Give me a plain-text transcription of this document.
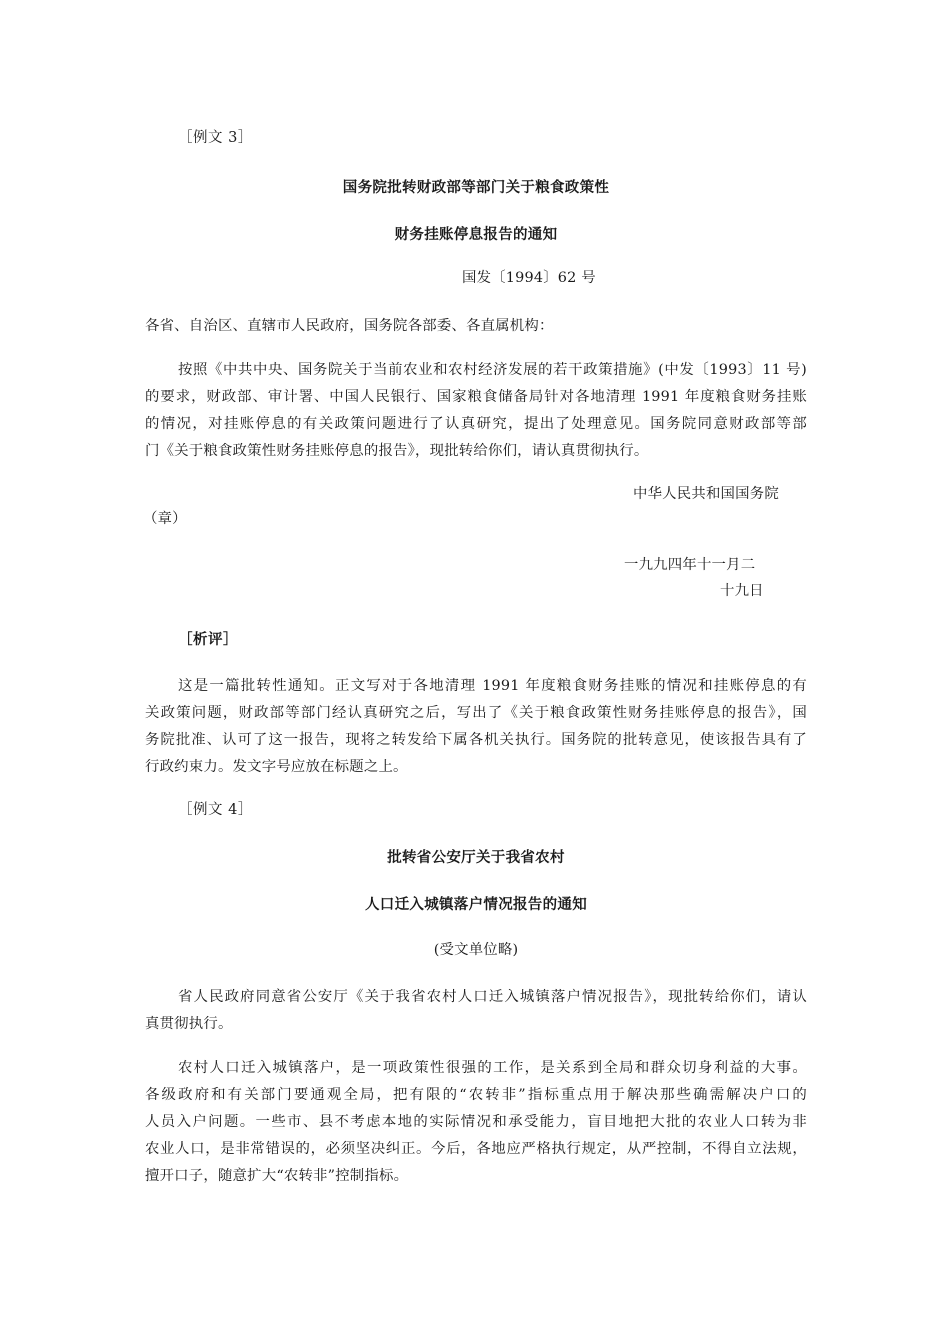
［例文 3］
国务院批转财政部等部门关于粮食政策性
财务挂账停息报告的通知
国发〔1994〕62 号
各省、自治区、直辖市人民政府，国务院各部委、各直属机构：
按照《中共中央、国务院关于当前农业和农村经济发展的若干政策措施》(中发〔1993〕11 号)
的要求，财政部、审计署、中国人民银行、国家粮食储备局针对各地清理 1991 年度粮食财务挂账
的情况，对挂账停息的有关政策问题进行了认真研究，提出了处理意见。国务院同意财政部等部
门《关于粮食政策性财务挂账停息的报告》，现批转给你们，请认真贯彻执行。
中华人民共和国国务院
（章）
一九九四年十一月二
十九日
［析评］
这是一篇批转性通知。正文写对于各地清理 1991 年度粮食财务挂账的情况和挂账停息的有
关政策问题，财政部等部门经认真研究之后，写出了《关于粮食政策性财务挂账停息的报告》，国
务院批准、认可了这一报告，现将之转发给下属各机关执行。国务院的批转意见，使该报告具有了
行政约束力。发文字号应放在标题之上。
［例文 4］
批转省公安厅关于我省农村
人口迁入城镇落户情况报告的通知
(受文单位略)
省人民政府同意省公安厅《关于我省农村人口迁入城镇落户情况报告》，现批转给你们，请认
真贯彻执行。
农村人口迁入城镇落户，是一项政策性很强的工作，是关系到全局和群众切身利益的大事。
各级政府和有关部门要通观全局，把有限的“农转非”指标重点用于解决那些确需解决户口的
人员入户问题。一些市、县不考虑本地的实际情况和承受能力，盲目地把大批的农业人口转为非
农业人口，是非常错误的，必须坚决纠正。今后，各地应严格执行规定，从严控制，不得自立法规，
擅开口子，随意扩大“农转非”控制指标。
